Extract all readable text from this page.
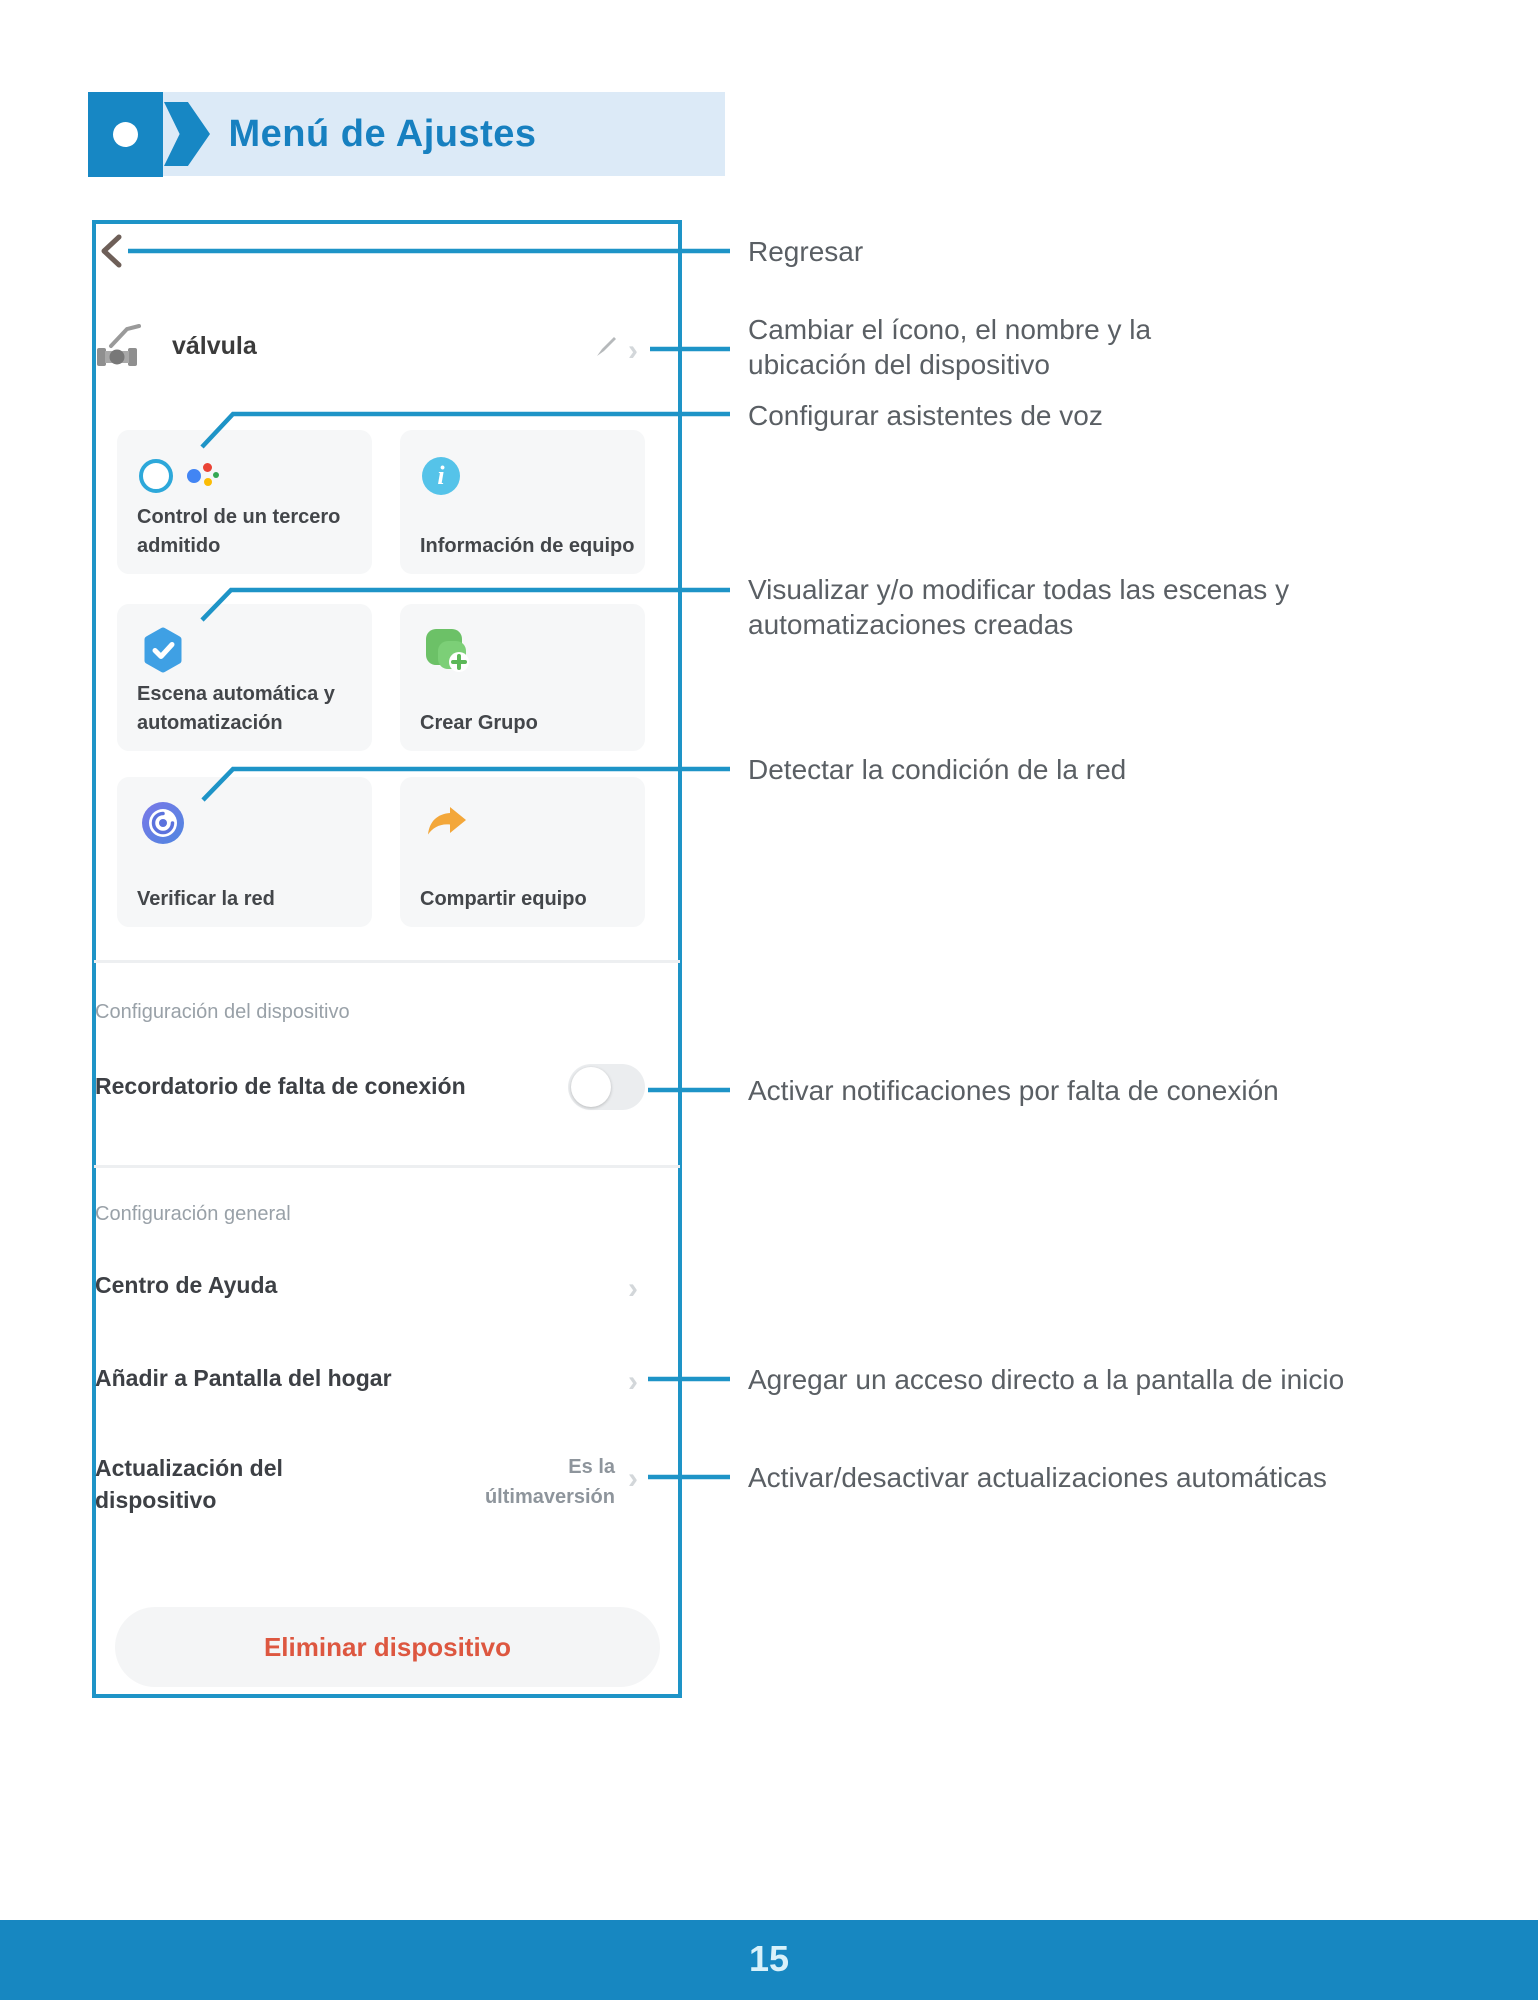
Menú de Ajustes
válvula	›
Control de un tercero admitido
i
Información de equipo
Escena automática y automatización	Crear Grupo
Verificar la red	Compartir equipo
Configuración del dispositivo
Recordatorio de falta de conexión
Configuración general
Centro de Ayuda	›
Añadir a Pantalla del hogar	›
Actualización del dispositivo
Es la
últimaversión
›
Eliminar dispositivo
Regresar
Cambiar el ícono, el nombre y la ubicación del dispositivo
Configurar asistentes de voz
Visualizar y/o modificar todas las escenas y automatizaciones creadas
Detectar la condición de la red
Activar notificaciones por falta de conexión
Agregar un acceso directo a la pantalla de inicio
Activar/desactivar actualizaciones automáticas
15
